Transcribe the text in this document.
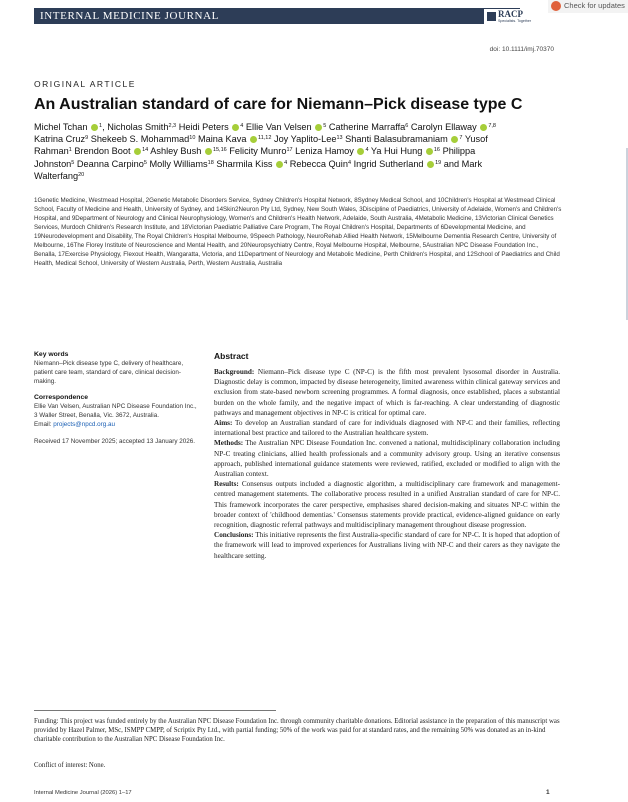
INTERNAL MEDICINE JOURNAL	RACP
Specialists. Together
Check for updates
doi: 10.1111/imj.70370
ORIGINAL ARTICLE
An Australian standard of care for Niemann–Pick disease type C

Michel Tchan $^1$, Nicholas Smith$^{2,3}$ Heidi Peters $^4$ Ellie Van Velsen $^5$ Catherine Marraffa$^6$ Carolyn Ellaway $^{7,8}$ Katrina Cruz$^9$ Shekeeb S. Mohammad$^{10}$ Maina Kava $^{11,12}$ Joy Yaplito-Lee$^{13}$ Shanti Balasubramaniam $^7$ Yusof Rahman$^1$ Brendon Boot $^{14}$ Ashley Bush $^{15,16}$ Felicity Munro$^{17}$ Leniza Hamoy $^4$ Ya Hui Hung $^{16}$ Philippa Johnston$^5$ Deanna Carpino$^5$ Molly Williams$^{18}$ Sharmila Kiss $^4$ Rebecca Quin$^4$ Ingrid Sutherland $^{19}$ and Mark Walterfang$^{20}$

1Genetic Medicine, Westmead Hospital, 2Genetic Metabolic Disorders Service, Sydney Children's Hospital Network, 8Sydney Medical School, and 10Children's Hospital at Westmead Clinical School, Faculty of Medicine and Health, University of Sydney, and 14Skin2Neuron Pty Ltd, Sydney, New South Wales, 3Discipline of Paediatrics, University of Adelaide, Women's and Children's Hospital, and 9Department of Neurology and Clinical Neurophysiology, Women's and Children's Health Network, Adelaide, South Australia, 4Metabolic Medicine, 13Victorian Clinical Genetics Services, Murdoch Children's Research Institute, and 18Victorian Paediatric Palliative Care Program, The Royal Children's Hospital, Departments of 6Developmental Medicine, and 19Neurodevelopment and Disability, The Royal Children's Hospital Melbourne, 9Speech Pathology, NeuroRehab Allied Health Network, 15Melbourne Dementia Research Centre, University of Melbourne, 16The Florey Institute of Neuroscience and Mental Health, and 20Neuropsychiatry Centre, Royal Melbourne Hospital, Melbourne, 5Australian NPC Disease Foundation Inc., Benalla, 17Exercise Physiology, Flexout Health, Wangaratta, Victoria, and 11Department of Neurology and Metabolic Medicine, Perth Children's Hospital, and 12School of Paediatrics and Child Health, Medical School, University of Western Australia, Perth, Western Australia, Australia

Key words

Niemann–Pick disease type C, delivery of healthcare, patient care team, standard of care, clinical decision-making.

Correspondence

Ellie Van Velsen, Australian NPC Disease Foundation Inc., 3 Waller Street, Benalla, Vic. 3672, Australia.
Email: projects@npcd.org.au

Received 17 November 2025; accepted 13 January 2026.

Abstract

Background: Niemann–Pick disease type C (NP-C) is the fifth most prevalent lysosomal disorder in Australia. Diagnostic delay is common, impacted by disease heterogeneity, limited awareness within clinical gateway services and exclusion from state-based newborn screening programmes. A formal diagnosis, once established, places a substantial burden on the whole family, and the negative impact of which is far-reaching. A clear understanding of diagnostic pathways and management objectives in NP-C is critical for optimal care.

Aims: To develop an Australian standard of care for individuals diagnosed with NP-C and their families, reflecting international best practice and tailored to the Australian healthcare system.

Methods: The Australian NPC Disease Foundation Inc. convened a national, multidisciplinary collaboration including NP-C treating clinicians, allied health professionals and a community advisory group. Using an iterative consensus approach, published international guidance statements were reviewed, ratified, excluded or modified to align with the Australian context.

Results: Consensus outputs included a diagnostic algorithm, a multidisciplinary care framework and management-centred management statements. The collaborative process resulted in a unified Australian standard of care for NP-C. This framework incorporates the carer perspective, emphasises shared decision-making and situates NP-C within the broader context of 'childhood dementias.' Consensus statements provide practical, evidence-aligned guidance on early recognition, diagnostic referral pathways and multidisciplinary management throughout disease progression.

Conclusions: This initiative represents the first Australia-specific standard of care for NP-C. It is hoped that adoption of the framework will lead to improved experiences for Australians living with NP-C and their carers as they navigate the healthcare setting.

Funding: This project was funded entirely by the Australian NPC Disease Foundation Inc. through community charitable donations. Editorial assistance in the preparation of this manuscript was provided by Hazel Palmer, MSc, ISMPP CMPP, of Scriptix Pty Ltd., with partial funding; 50% of the work was paid for at standard rates, and the remaining 50% was donated as an in-kind charitable contribution to the Australian NPC Disease Foundation Inc.

Conflict of interest: None.
Internal Medicine Journal (2026) 1–17	1
